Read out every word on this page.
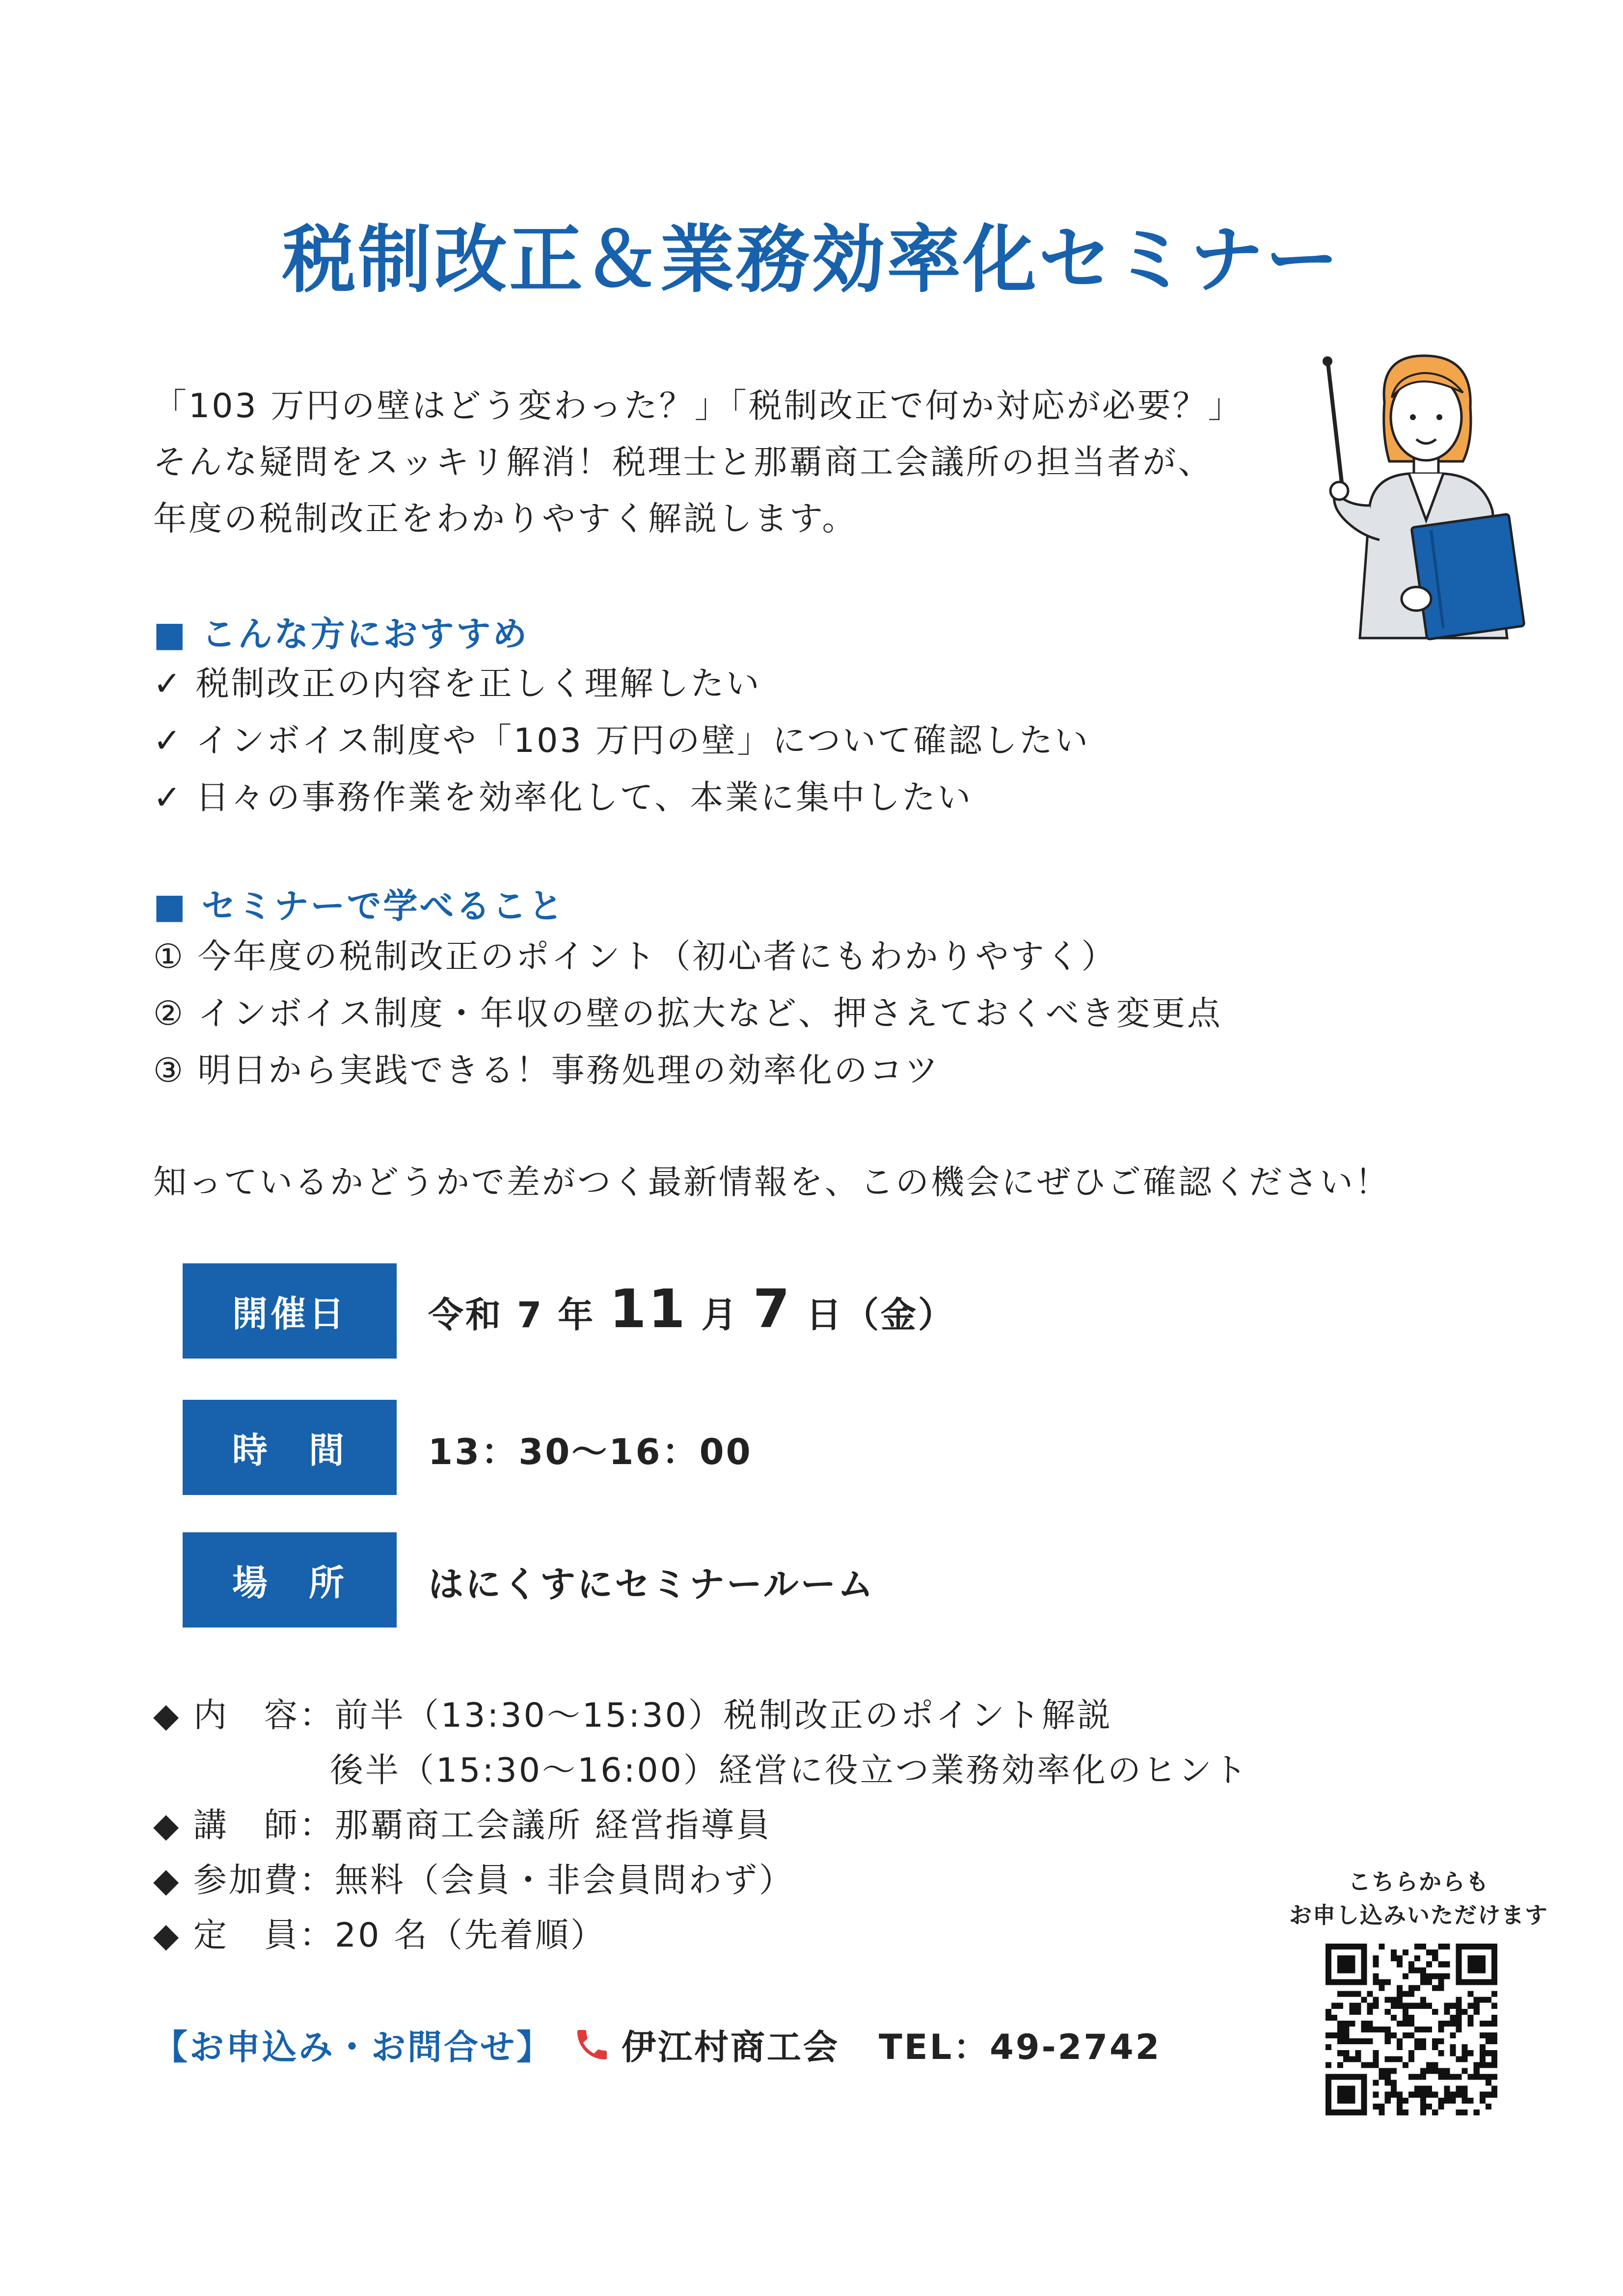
税制改正＆業務効率化セミナー
「103 万円の壁はどう変わった？」「税制改正で何か対応が必要？」
そんな疑問をスッキリ解消！税理士と那覇商工会議所の担当者が、
年度の税制改正をわかりやすく解説します。
■ こんな方におすすめ
✓ 税制改正の内容を正しく理解したい
✓ インボイス制度や「103 万円の壁」について確認したい
✓ 日々の事務作業を効率化して、本業に集中したい
■ セミナーで学べること
① 今年度の税制改正のポイント（初心者にもわかりやすく）
② インボイス制度・年収の壁の拡大など、押さえておくべき変更点
③ 明日から実践できる！事務処理の効率化のコツ
知っているかどうかで差がつく最新情報を、この機会にぜひご確認ください！
開催日	令和 7 年 11 月 7 日（金）
時　間	13：30〜16：00
場　所	はにくすにセミナールーム
◆ 内　容：前半（13:30〜15:30）税制改正のポイント解説
　　　　　後半（15:30〜16:00）経営に役立つ業務効率化のヒント
◆ 講　師：那覇商工会議所 経営指導員
◆ 参加費：無料（会員・非会員問わず）
◆ 定　員：20 名（先着順）
【お申込み・お問合せ】 伊江村商工会 TEL：49-2742
こちらからも
お申し込みいただけます
